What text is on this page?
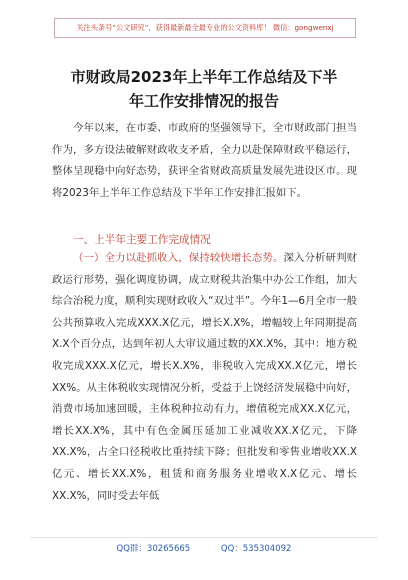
关注头条号“公文研究”，获得最新最全最专业的公文资料库！ 微信：gongwenxj
市财政局2023年上半年工作总结及下半
年工作安排情况的报告

今年以来，在市委、市政府的坚强领导下，全市财政部门担当作为，多方设法破解财政收支矛盾，全力以赴保障财政平稳运行，整体呈现稳中向好态势，获评全省财政高质量发展先进设区市。现将2023年上半年工作总结及下半年工作安排汇报如下。

一、上半年主要工作完成情况

（一）全力以赴抓收入，保持较快增长态势。深入分析研判财政运行形势，强化调度协调，成立财税共治集中办公工作组，加大综合治税力度，顺利实现财政收入“双过半”。今年1—6月全市一般公共预算收入完成XXX.X亿元，增长X.X%，增幅较上年同期提高X.X个百分点，达到年初人大审议通过数的XX.X%，其中：地方税收完成XXX.X亿元，增长X.X%，非税收入完成XX.X亿元，增长XX%。从主体税收实现情况分析，受益于上饶经济发展稳中向好，消费市场加速回暖，主体税种拉动有力，增值税完成XX.X亿元，增长XX.X%，其中有色金属压延加工业减收XX.X亿元，下降XX.X%，占全口径税收比重持续下降；但批发和零售业增收XX.X亿元、增长XX.X%，租赁和商务服务业增收X.X亿元、增长XX.X%，同时受去年低

QQ群：30265665	QQ：535304092
